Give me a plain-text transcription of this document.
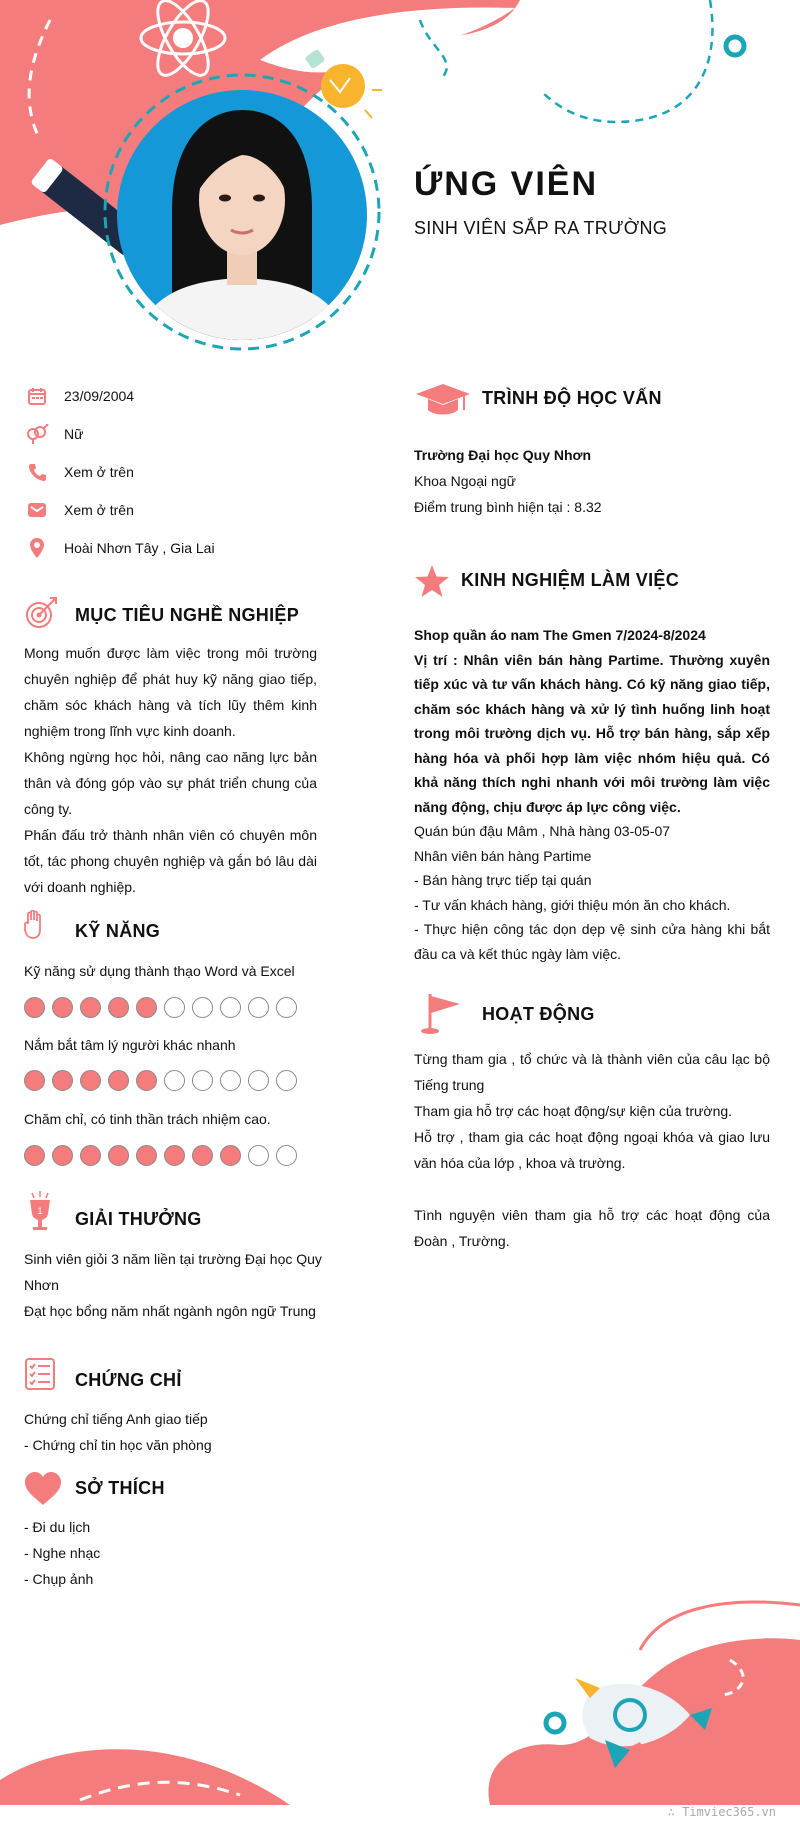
ỨNG VIÊN
SINH VIÊN SẮP RA TRƯỜNG
23/09/2004
Nữ
Xem ở trên
Xem ở trên
Hoài Nhơn Tây , Gia Lai
MỤC TIÊU NGHỀ NGHIỆP

Mong muốn được làm việc trong môi trường chuyên nghiệp để phát huy kỹ năng giao tiếp, chăm sóc khách hàng và tích lũy thêm kinh nghiệm trong lĩnh vực kinh doanh.

Không ngừng học hỏi, nâng cao năng lực bản thân và đóng góp vào sự phát triển chung của công ty.

Phấn đấu trở thành nhân viên có chuyên môn tốt, tác phong chuyên nghiệp và gắn bó lâu dài với doanh nghiệp.

KỸ NĂNG
Kỹ năng sử dụng thành thạo Word và Excel
Nắm bắt tâm lý người khác nhanh
Chăm chỉ, có tinh thần trách nhiệm cao.
1 GIẢI THƯỞNG

Sinh viên giỏi 3 năm liền tại trường Đại học Quy Nhơn

Đạt học bổng năm nhất ngành ngôn ngữ Trung

CHỨNG CHỈ

Chứng chỉ tiếng Anh giao tiếp

- Chứng chỉ tin học văn phòng

SỞ THÍCH

- Đi du lịch

- Nghe nhạc

- Chụp ảnh

TRÌNH ĐỘ HỌC VẤN

Trường Đại học Quy Nhơn

Khoa Ngoại ngữ

Điểm trung bình hiện tại : 8.32

KINH NGHIỆM LÀM VIỆC

Shop quần áo nam The Gmen 7/2024-8/2024

Vị trí : Nhân viên bán hàng Partime. Thường xuyên tiếp xúc và tư vấn khách hàng. Có kỹ năng giao tiếp, chăm sóc khách hàng và xử lý tình huống linh hoạt trong môi trường dịch vụ. Hỗ trợ bán hàng, sắp xếp hàng hóa và phối hợp làm việc nhóm hiệu quả. Có khả năng thích nghi nhanh với môi trường làm việc năng động, chịu được áp lực công việc.

Quán bún đậu Mâm , Nhà hàng 03-05-07

Nhân viên bán hàng Partime

- Bán hàng trực tiếp tại quán

- Tư vấn khách hàng, giới thiệu món ăn cho khách.

- Thực hiện công tác dọn dẹp vệ sinh cửa hàng khi bắt đầu ca và kết thúc ngày làm việc.

HOẠT ĐỘNG

Từng tham gia , tổ chức và là thành viên của câu lạc bộ Tiếng trung

Tham gia hỗ trợ các hoạt động/sự kiện của trường.

Hỗ trợ , tham gia các hoạt động ngoại khóa và giao lưu văn hóa của lớp , khoa và trường.

Tình nguyện viên tham gia hỗ trợ các hoạt động của Đoàn , Trường.

∴ Timviec365.vn
